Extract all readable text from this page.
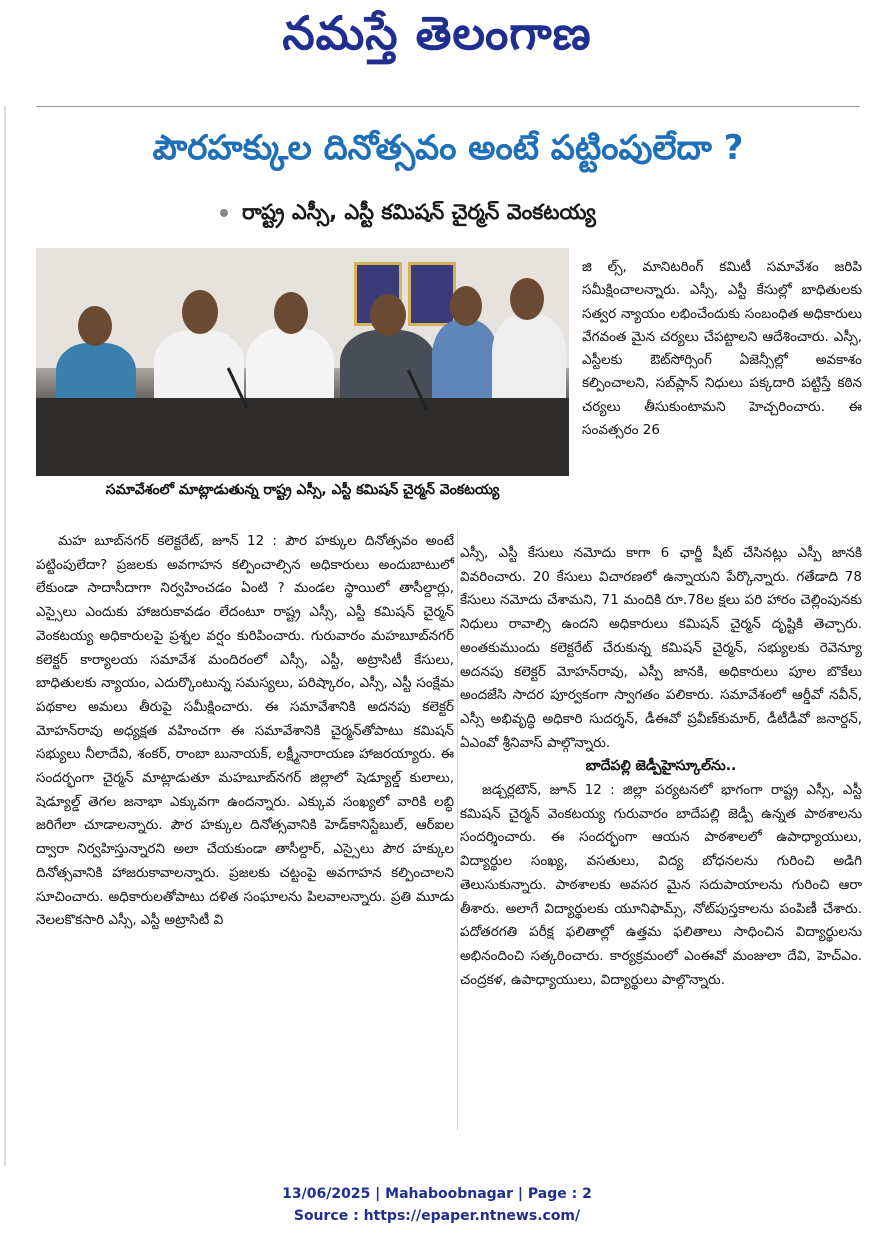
నమస్తే తెలంగాణ
పౌరహక్కుల దినోత్సవం అంటే పట్టింపులేదా ?
రాష్ట్ర ఎస్సీ, ఎస్టీ కమిషన్ చైర్మన్ వెంకటయ్య
సమావేశంలో మాట్లాడుతున్న రాష్ట్ర ఎస్సీ, ఎస్టీ కమిషన్ చైర్మన్ వెంకటయ్య

జి ల్స్, మానిటరింగ్ కమిటీ సమావేశం జరిపి సమీక్షించాలన్నారు. ఎస్సీ, ఎస్టీ కేసుల్లో బాధితులకు సత్వర న్యాయం లభించేందుకు సంబంధిత అధికారులు వేగవంత మైన చర్యలు చేపట్టాలని ఆదేశించారు. ఎస్సీ, ఎస్టీలకు ఔట్‌సోర్సింగ్ ఏజెన్సీల్లో అవకాశం కల్పించాలని, సబ్‌ప్లాన్ నిధులు పక్కదారి పట్టిస్తే కఠిన చర్యలు తీసుకుంటామని హెచ్చరించారు. ఈ సంవత్సరం 26

మహ బూబ్‌నగర్ కలెక్టరేట్, జూన్ 12 : పౌర హక్కుల దినోత్సవం అంటే పట్టింపులేదా? ప్రజలకు అవగాహన కల్పించాల్సిన అధికారులు అందుబాటులో లేకుండా సాదాసీదాగా నిర్వహించడం ఏంటి ? మండల స్థాయిలో తాసీల్దార్లు, ఎస్సైలు ఎందుకు హాజరుకావడం లేదంటూ రాష్ట్ర ఎస్సీ, ఎస్టీ కమిషన్ చైర్మన్ వెంకటయ్య అధికారులపై ప్రశ్నల వర్షం కురిపించారు. గురువారం మహబూబ్‌నగర్ కలెక్టర్ కార్యాలయ సమావేశ మందిరంలో ఎస్సీ, ఎస్టీ, అట్రాసిటీ కేసులు, బాధితులకు న్యాయం, ఎదుర్కొంటున్న సమస్యలు, పరిష్కారం, ఎస్సీ, ఎస్టీ సంక్షేమ పథకాల అమలు తీరుపై సమీక్షించారు. ఈ సమావేశానికి అదనపు కలెక్టర్ మోహన్‌రావు అధ్యక్షత వహించగా ఈ సమావేశానికి చైర్మన్‌తోపాటు కమిషన్ సభ్యులు నీలాదేవి, శంకర్, రాంబా బునాయక్, లక్ష్మీనారాయణ హాజరయ్యారు. ఈ సందర్భంగా చైర్మన్ మాట్లాడుతూ మహబూబ్‌నగర్ జిల్లాలో షెడ్యూల్డ్ కులాలు, షెడ్యూల్డ్ తెగల జనాభా ఎక్కువగా ఉందన్నారు. ఎక్కువ సంఖ్యలో వారికి లబ్ధి జరిగేలా చూడాలన్నారు. పౌర హక్కుల దినోత్సవానికి హెడ్‌కానిస్టేబుల్, ఆర్‌ఐల ద్వారా నిర్వహిస్తున్నారని అలా చేయకుండా తాసీల్దార్, ఎస్సైలు పౌర హక్కుల దినోత్సవానికి హాజరుకావాలన్నారు. ప్రజలకు చట్టంపై అవగాహన కల్పించాలని సూచించారు. అధికారులతోపాటు దళిత సంఘాలను పిలవాలన్నారు. ప్రతి మూడు నెలలకొకసారి ఎస్సీ, ఎస్టీ అట్రాసిటీ వి

ఎస్సీ, ఎస్టీ కేసులు నమోదు కాగా 6 ఛార్జీ షీట్ చేసినట్లు ఎస్పీ జానకి వివరించారు. 20 కేసులు విచారణలో ఉన్నాయని పేర్కొన్నారు. గతేడాది 78 కేసులు నమోదు చేశామని, 71 మందికి రూ.78ల క్షలు పరి హారం చెల్లింపునకు నిధులు రావాల్సి ఉందని అధికారులు కమిషన్ చైర్మన్ దృష్టికి తెచ్చారు. అంతకుముందు కలెక్టరేట్ చేరుకున్న కమిషన్ చైర్మన్, సభ్యులకు రెవెన్యూ అదనపు కలెక్టర్ మోహన్‌రావు, ఎస్పీ జానకి, అధికారులు పూల బొకేలు అందజేసి సాదర పూర్వకంగా స్వాగతం పలికారు. సమావేశంలో ఆర్డీవో నవీన్, ఎస్సీ అభివృద్ధి అధికారి సుదర్శన్, డీఈవో ప్రవీణ్‌కుమార్, డీటీడీవో జనార్దన్, ఏఎంవో శ్రీనివాస్ పాల్గొన్నారు.

బాదేపల్లి జెడ్పీహైస్కూల్‌ను..

జడ్చర్లటౌన్, జూన్ 12 : జిల్లా పర్యటనలో భాగంగా రాష్ట్ర ఎస్సీ, ఎస్టీ కమిషన్ చైర్మన్ వెంకటయ్య గురువారం బాదేపల్లి జెడ్పీ ఉన్నత పాఠశాలను సందర్శించారు. ఈ సందర్భంగా ఆయన పాఠశాలలో ఉపాధ్యాయులు, విద్యార్థుల సంఖ్య, వసతులు, విద్య బోధనలను గురించి అడిగి తెలుసుకున్నారు. పాఠశాలకు అవసర మైన సదుపాయాలను గురించి ఆరా తీశారు. అలాగే విద్యార్థులకు యూనిఫామ్స్, నోట్‌పుస్తకాలను పంపిణీ చేశారు. పదోతరగతి పరీక్ష ఫలితాల్లో ఉత్తమ ఫలితాలు సాధించిన విద్యార్థులను అభినందించి సత్కరించారు. కార్యక్రమంలో ఎంఈవో మంజులా దేవి, హెచ్‌ఎం. చంద్రకళ, ఉపాధ్యాయులు, విద్యార్థులు పాల్గొన్నారు.

13/06/2025 | Mahaboobnagar | Page : 2
Source : https://epaper.ntnews.com/
